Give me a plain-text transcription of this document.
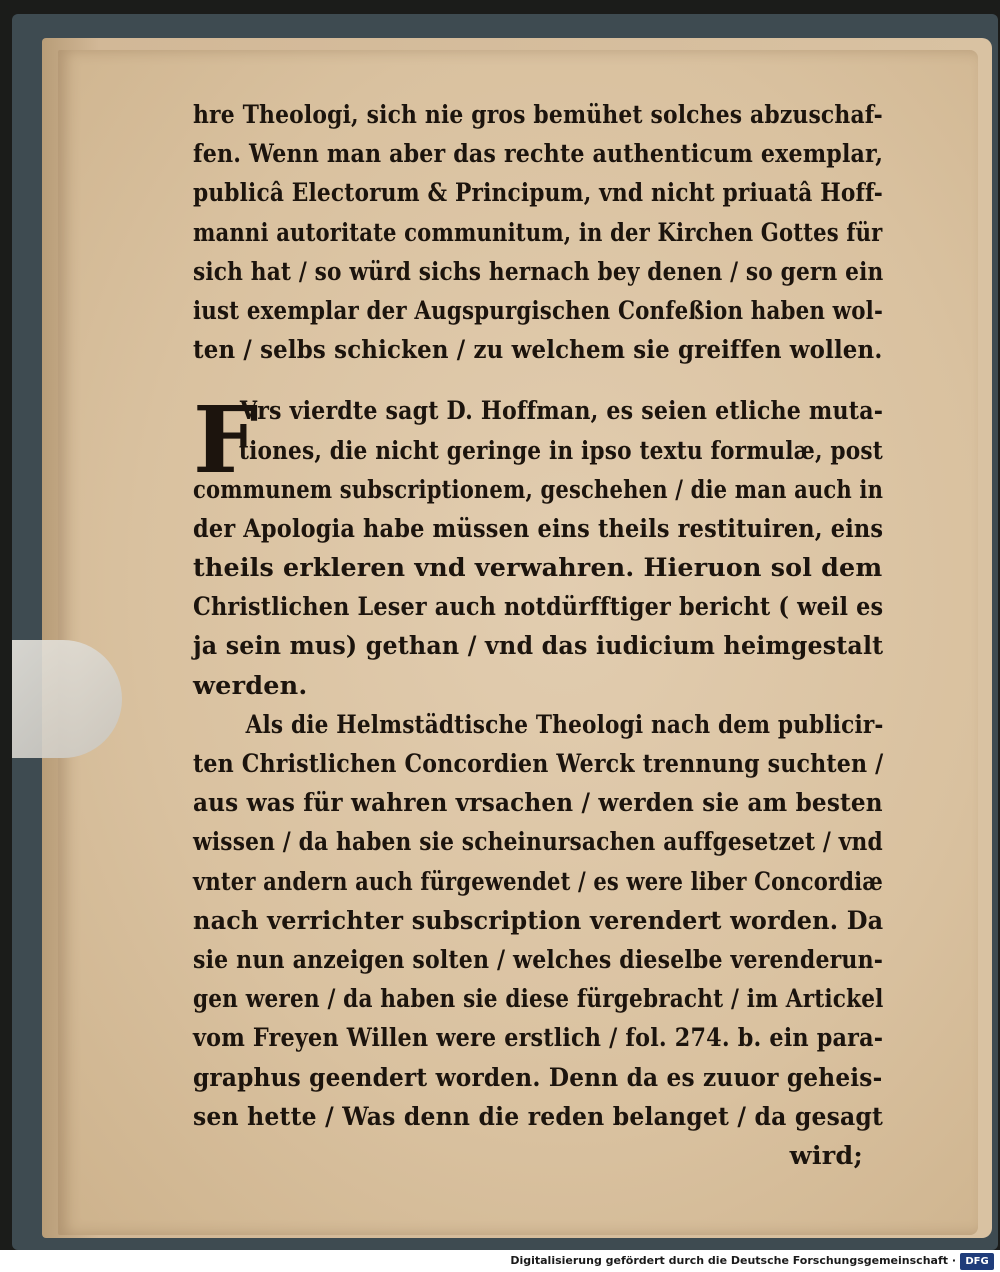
F
hre Theologi, sich nie gros bemühet solches abzuschaf-
fen. Wenn man aber das rechte authenticum exemplar,
publicâ Electorum & Principum, vnd nicht priuatâ Hoff-
manni autoritate communitum, in der Kirchen Gottes für
sich hat / so würd sichs hernach bey denen / so gern ein
iust exemplar der Augspurgischen Confeßion haben wol-
ten / selbs schicken / zu welchem sie greiffen wollen.
Vrs vierdte sagt D. Hoffman, es seien etliche muta-
tiones, die nicht geringe in ipso textu formulæ, post
communem subscriptionem, geschehen / die man auch in
der Apologia habe müssen eins theils restituiren, eins
theils erkleren vnd verwahren. Hieruon sol dem
Christlichen Leser auch notdürfftiger bericht ( weil es
ja sein mus) gethan / vnd das iudicium heimgestalt
werden.
Als die Helmstädtische Theologi nach dem publicir-
ten Christlichen Concordien Werck trennung suchten /
aus was für wahren vrsachen / werden sie am besten
wissen / da haben sie scheinursachen auffgesetzet / vnd
vnter andern auch fürgewendet / es were liber Concordiæ
nach verrichter subscription verendert worden. Da
sie nun anzeigen solten / welches dieselbe verenderun-
gen weren / da haben sie diese fürgebracht / im Artickel
vom Freyen Willen were erstlich / fol. 274. b. ein para-
graphus geendert worden. Denn da es zuuor geheis-
sen hette / Was denn die reden belanget / da gesagt
wird;
Digitalisierung gefördert durch die Deutsche Forschungsgemeinschaft · DFG
